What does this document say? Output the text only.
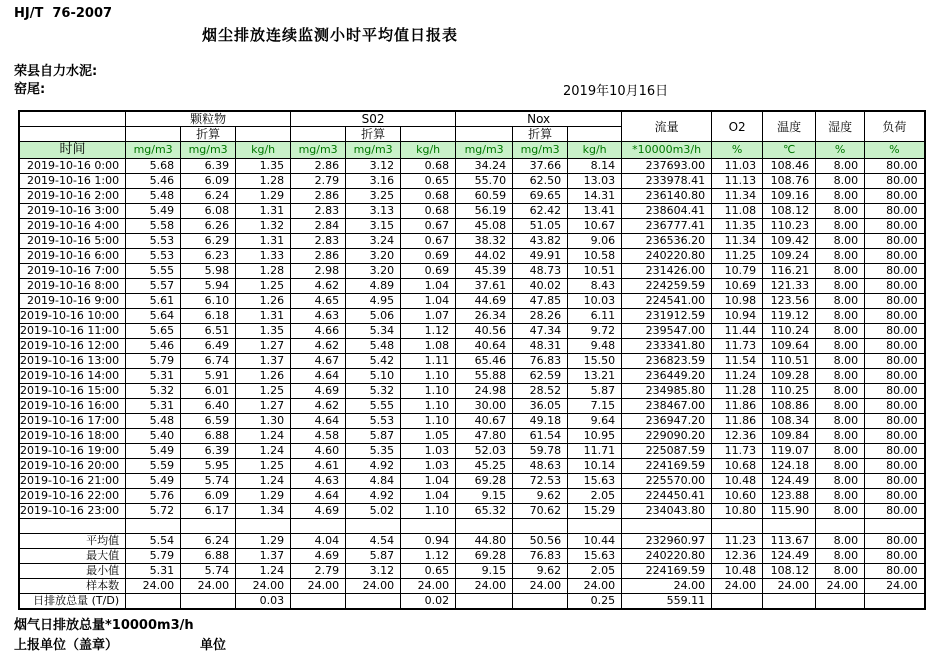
HJ/T  76-2007
烟尘排放连续监测小时平均值日报表
荣县自力水泥:
窑尾:	2019年10月16日
	颗粒物			S02			Nox			流量	O2	温度	湿度	负荷
		折算			折算			折算						
时间	mg/m3	mg/m3	kg/h	mg/m3	mg/m3	kg/h	mg/m3	mg/m3	kg/h	*10000m3/h	%	℃	%	%
2019-10-16 0:00	5.68	6.39	1.35	2.86	3.12	0.68	34.24	37.66	8.14	237693.00	11.03	108.46	8.00	80.00
2019-10-16 1:00	5.46	6.09	1.28	2.79	3.16	0.65	55.70	62.50	13.03	233978.41	11.13	108.76	8.00	80.00
2019-10-16 2:00	5.48	6.24	1.29	2.86	3.25	0.68	60.59	69.65	14.31	236140.80	11.34	109.16	8.00	80.00
2019-10-16 3:00	5.49	6.08	1.31	2.83	3.13	0.68	56.19	62.42	13.41	238604.41	11.08	108.12	8.00	80.00
2019-10-16 4:00	5.58	6.26	1.32	2.84	3.15	0.67	45.08	51.05	10.67	236777.41	11.35	110.23	8.00	80.00
2019-10-16 5:00	5.53	6.29	1.31	2.83	3.24	0.67	38.32	43.82	9.06	236536.20	11.34	109.42	8.00	80.00
2019-10-16 6:00	5.53	6.23	1.33	2.86	3.20	0.69	44.02	49.91	10.58	240220.80	11.25	109.24	8.00	80.00
2019-10-16 7:00	5.55	5.98	1.28	2.98	3.20	0.69	45.39	48.73	10.51	231426.00	10.79	116.21	8.00	80.00
2019-10-16 8:00	5.57	5.94	1.25	4.62	4.89	1.04	37.61	40.02	8.43	224259.59	10.69	121.33	8.00	80.00
2019-10-16 9:00	5.61	6.10	1.26	4.65	4.95	1.04	44.69	47.85	10.03	224541.00	10.98	123.56	8.00	80.00
2019-10-16 10:00	5.64	6.18	1.31	4.63	5.06	1.07	26.34	28.26	6.11	231912.59	10.94	119.12	8.00	80.00
2019-10-16 11:00	5.65	6.51	1.35	4.66	5.34	1.12	40.56	47.34	9.72	239547.00	11.44	110.24	8.00	80.00
2019-10-16 12:00	5.46	6.49	1.27	4.62	5.48	1.08	40.64	48.31	9.48	233341.80	11.73	109.64	8.00	80.00
2019-10-16 13:00	5.79	6.74	1.37	4.67	5.42	1.11	65.46	76.83	15.50	236823.59	11.54	110.51	8.00	80.00
2019-10-16 14:00	5.31	5.91	1.26	4.64	5.10	1.10	55.88	62.59	13.21	236449.20	11.24	109.28	8.00	80.00
2019-10-16 15:00	5.32	6.01	1.25	4.69	5.32	1.10	24.98	28.52	5.87	234985.80	11.28	110.25	8.00	80.00
2019-10-16 16:00	5.31	6.40	1.27	4.62	5.55	1.10	30.00	36.05	7.15	238467.00	11.86	108.86	8.00	80.00
2019-10-16 17:00	5.48	6.59	1.30	4.64	5.53	1.10	40.67	49.18	9.64	236947.20	11.86	108.34	8.00	80.00
2019-10-16 18:00	5.40	6.88	1.24	4.58	5.87	1.05	47.80	61.54	10.95	229090.20	12.36	109.84	8.00	80.00
2019-10-16 19:00	5.49	6.39	1.24	4.60	5.35	1.03	52.03	59.78	11.71	225087.59	11.73	119.07	8.00	80.00
2019-10-16 20:00	5.59	5.95	1.25	4.61	4.92	1.03	45.25	48.63	10.14	224169.59	10.68	124.18	8.00	80.00
2019-10-16 21:00	5.49	5.74	1.24	4.63	4.84	1.04	69.28	72.53	15.63	225570.00	10.48	124.49	8.00	80.00
2019-10-16 22:00	5.76	6.09	1.29	4.64	4.92	1.04	9.15	9.62	2.05	224450.41	10.60	123.88	8.00	80.00
2019-10-16 23:00	5.72	6.17	1.34	4.69	5.02	1.10	65.32	70.62	15.29	234043.80	10.80	115.90	8.00	80.00

平均值	5.54	6.24	1.29	4.04	4.54	0.94	44.80	50.56	10.44	232960.97	11.23	113.67	8.00	80.00
最大值	5.79	6.88	1.37	4.69	5.87	1.12	69.28	76.83	15.63	240220.80	12.36	124.49	8.00	80.00
最小值	5.31	5.74	1.24	2.79	3.12	0.65	9.15	9.62	2.05	224169.59	10.48	108.12	8.00	80.00
样本数	24.00	24.00	24.00	24.00	24.00	24.00	24.00	24.00	24.00	24.00	24.00	24.00	24.00	24.00
日排放总量 (T/D)			0.03			0.02			0.25	559.11				
烟气日排放总量*10000m3/h
上报单位（盖章）	单位
